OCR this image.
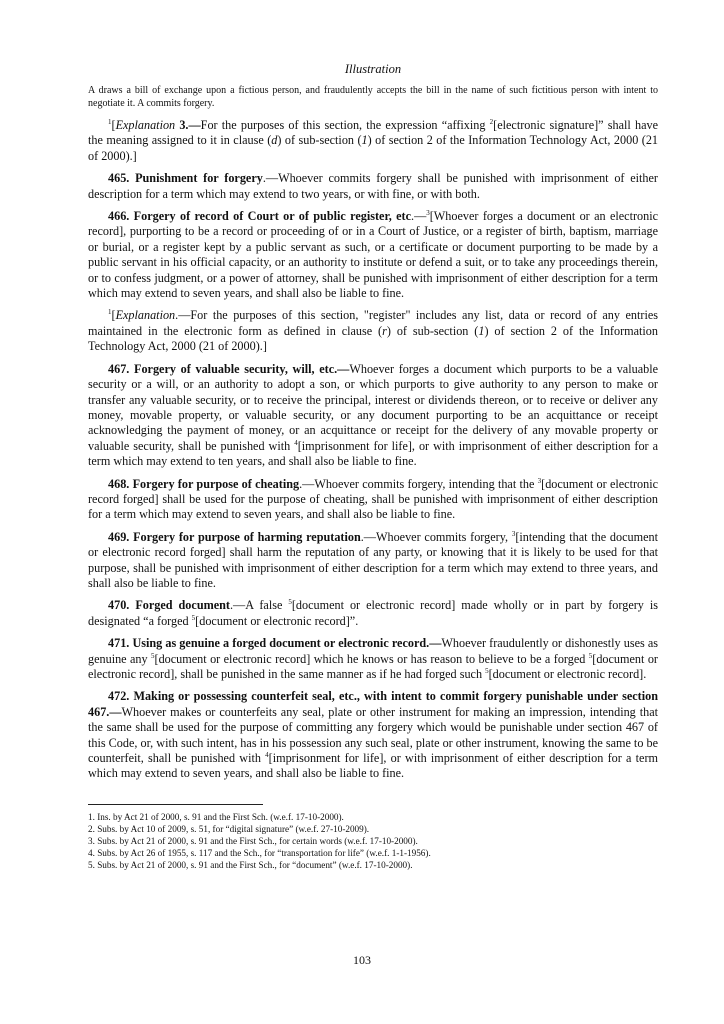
Illustration

A draws a bill of exchange upon a fictious person, and fraudulently accepts the bill in the name of such fictitious person with intent to negotiate it. A commits forgery.

$^1$[Explanation 3.—For the purposes of this section, the expression “affixing $^2$[electronic signature]” shall have the meaning assigned to it in clause (d) of sub-section (1) of section 2 of the Information Technology Act, 2000 (21 of 2000).]

465. Punishment for forgery.—Whoever commits forgery shall be punished with imprisonment of either description for a term which may extend to two years, or with fine, or with both.

466. Forgery of record of Court or of public register, etc.—$^3$[Whoever forges a document or an electronic record], purporting to be a record or proceeding of or in a Court of Justice, or a register of birth, baptism, marriage or burial, or a register kept by a public servant as such, or a certificate or document purporting to be made by a public servant in his official capacity, or an authority to institute or defend a suit, or to take any proceedings therein, or to confess judgment, or a power of attorney, shall be punished with imprisonment of either description for a term which may extend to seven years, and shall also be liable to fine.

$^1$[Explanation.—For the purposes of this section, "register" includes any list, data or record of any entries maintained in the electronic form as defined in clause (r) of sub-section (1) of section 2 of the Information Technology Act, 2000 (21 of 2000).]

467. Forgery of valuable security, will, etc.—Whoever forges a document which purports to be a valuable security or a will, or an authority to adopt a son, or which purports to give authority to any person to make or transfer any valuable security, or to receive the principal, interest or dividends thereon, or to receive or deliver any money, movable property, or valuable security, or any document purporting to be an acquittance or receipt acknowledging the payment of money, or an acquittance or receipt for the delivery of any movable property or valuable security, shall be punished with $^4$[imprisonment for life], or with imprisonment of either description for a term which may extend to ten years, and shall also be liable to fine.

468. Forgery for purpose of cheating.—Whoever commits forgery, intending that the $^3$[document or electronic record forged] shall be used for the purpose of cheating, shall be punished with imprisonment of either description for a term which may extend to seven years, and shall also be liable to fine.

469. Forgery for purpose of harming reputation.—Whoever commits forgery, $^3$[intending that the document or electronic record forged] shall harm the reputation of any party, or knowing that it is likely to be used for that purpose, shall be punished with imprisonment of either description for a term which may extend to three years, and shall also be liable to fine.

470. Forged document.—A false $^5$[document or electronic record] made wholly or in part by forgery is designated “a forged $^5$[document or electronic record]”.

471. Using as genuine a forged document or electronic record.—Whoever fraudulently or dishonestly uses as genuine any $^5$[document or electronic record] which he knows or has reason to believe to be a forged $^5$[document or electronic record], shall be punished in the same manner as if he had forged such $^5$[document or electronic record].

472. Making or possessing counterfeit seal, etc., with intent to commit forgery punishable under section 467.—Whoever makes or counterfeits any seal, plate or other instrument for making an impression, intending that the same shall be used for the purpose of committing any forgery which would be punishable under section 467 of this Code, or, with such intent, has in his possession any such seal, plate or other instrument, knowing the same to be counterfeit, shall be punished with $^4$[imprisonment for life], or with imprisonment of either description for a term which may extend to seven years, and shall also be liable to fine.

1. Ins. by Act 21 of 2000, s. 91 and the First Sch. (w.e.f. 17-10-2000).

2. Subs. by Act 10 of 2009, s. 51, for “digital signature” (w.e.f. 27-10-2009).

3. Subs. by Act 21 of 2000, s. 91 and the First Sch., for certain words (w.e.f. 17-10-2000).

4. Subs. by Act 26 of 1955, s. 117 and the Sch., for “transportation for life” (w.e.f. 1-1-1956).

5. Subs. by Act 21 of 2000, s. 91 and the First Sch., for “document” (w.e.f. 17-10-2000).

103
